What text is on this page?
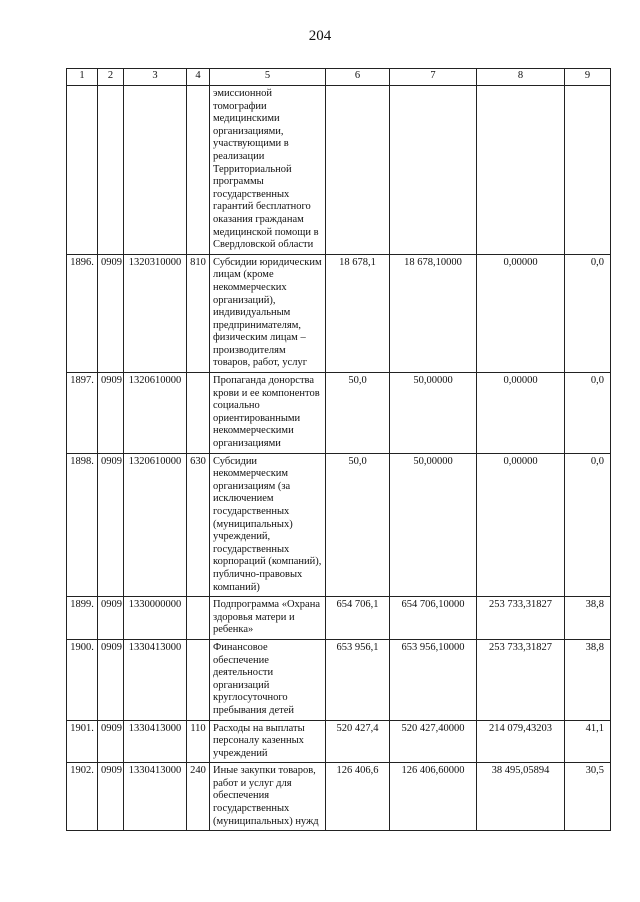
204
1	2	3	4	5	6	7	8	9
				эмиссионной томографии медицинскими организациями, участвующими в реализации Территориальной программы государственных гарантий бесплатного оказания гражданам медицинской помощи в Свердловской области				
1896.	0909	1320310000	810	Субсидии юридическим лицам (кроме некоммерческих организаций), индивидуальным предпринимателям, физическим лицам – производителям товаров, работ, услуг	18 678,1	18 678,10000	0,00000	0,0
1897.	0909	1320610000		Пропаганда донорства крови и ее компонентов социально ориентированными некоммерческими организациями	50,0	50,00000	0,00000	0,0
1898.	0909	1320610000	630	Субсидии некоммерческим организациям (за исключением государственных (муниципальных) учреждений, государственных корпораций (компаний), публично-правовых компаний)	50,0	50,00000	0,00000	0,0
1899.	0909	1330000000		Подпрограмма «Охрана здоровья матери и ребенка»	654 706,1	654 706,10000	253 733,31827	38,8
1900.	0909	1330413000		Финансовое обеспечение деятельности организаций круглосуточного пребывания детей	653 956,1	653 956,10000	253 733,31827	38,8
1901.	0909	1330413000	110	Расходы на выплаты персоналу казенных учреждений	520 427,4	520 427,40000	214 079,43203	41,1
1902.	0909	1330413000	240	Иные закупки товаров, работ и услуг для обеспечения государственных (муниципальных) нужд	126 406,6	126 406,60000	38 495,05894	30,5
